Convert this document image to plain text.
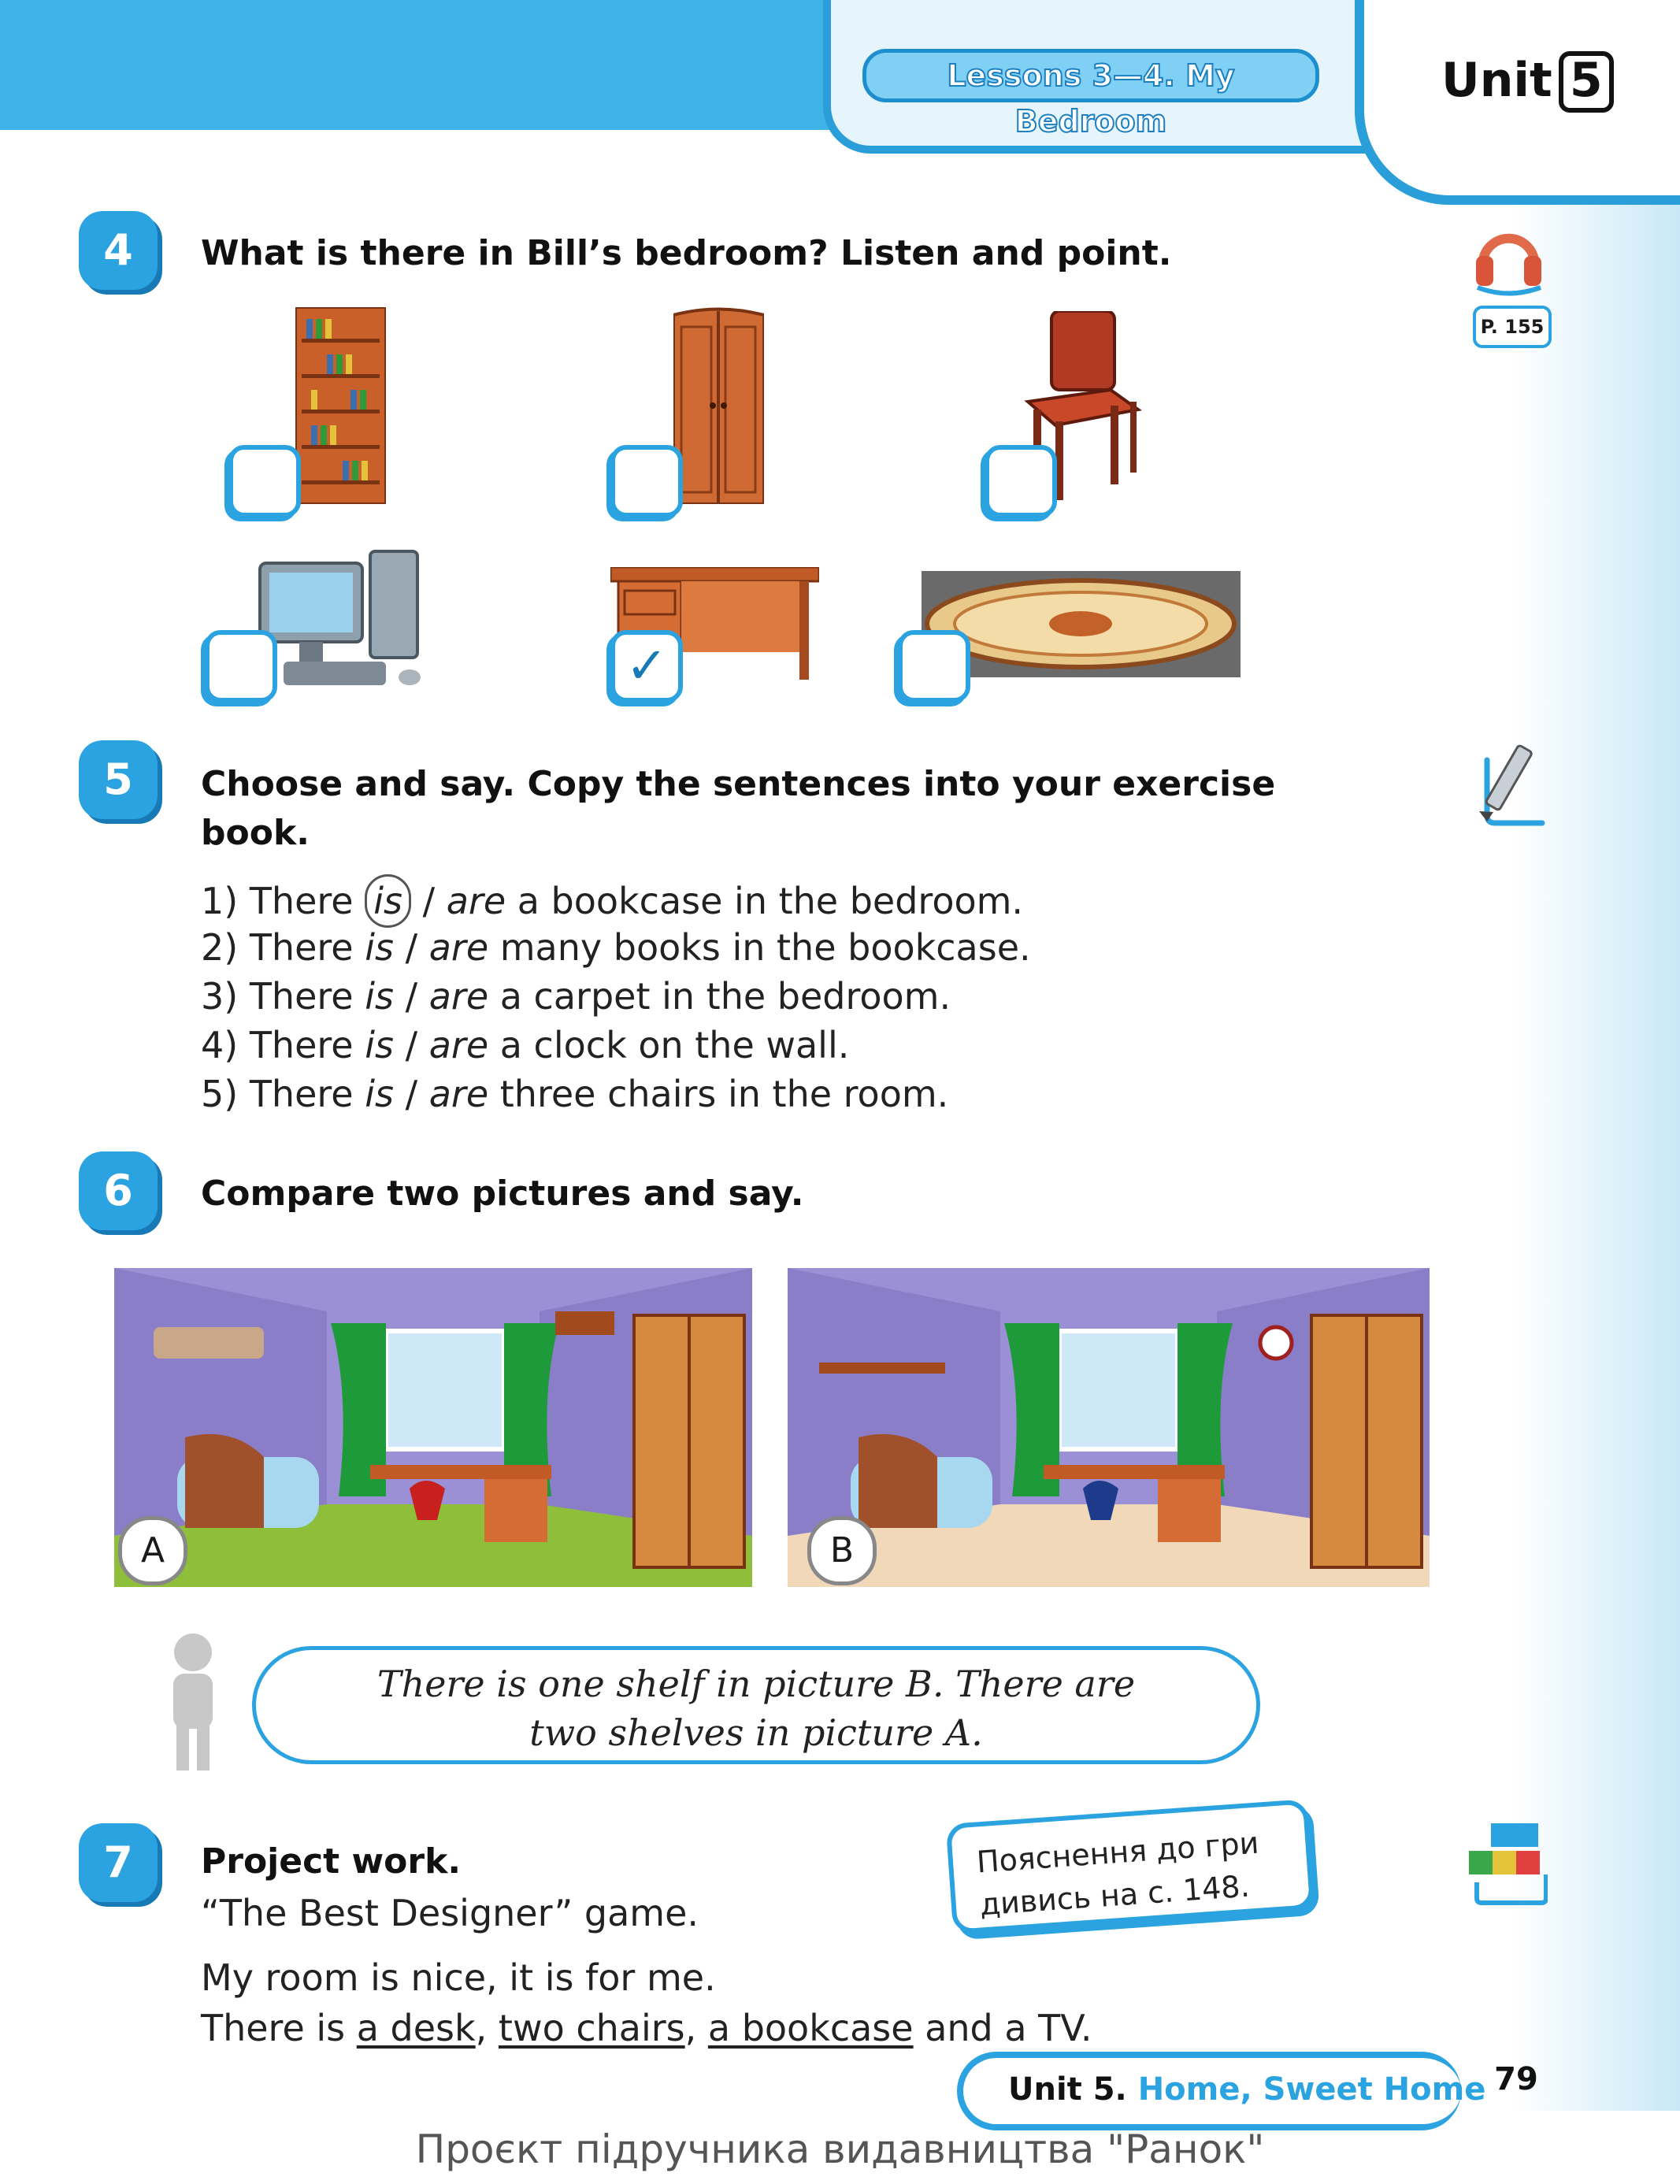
Lessons 3—4. My Bedroom
Unit 5
4	What is there in Bill’s bedroom? Listen and point.
P. 155
✓
5	Choose and say. Copy the sentences into your exercise book.
1) There is / are a bookcase in the bedroom.
2) There is / are many books in the bookcase.
3) There is / are a carpet in the bedroom.
4) There is / are a clock on the wall.
5) There is / are three chairs in the room.
6	Compare two pictures and say.
A	B
There is one shelf in picture B. There are
two shelves in picture A.
7	Project work.
“The Best Designer” game.
Пояснення до гри
дивись на с. 148.
My room is nice, it is for me.
There is a desk, two chairs, a bookcase and a TV.
Unit 5. Home, Sweet Home 79
Проєкт підручника видавництва "Ранок"
